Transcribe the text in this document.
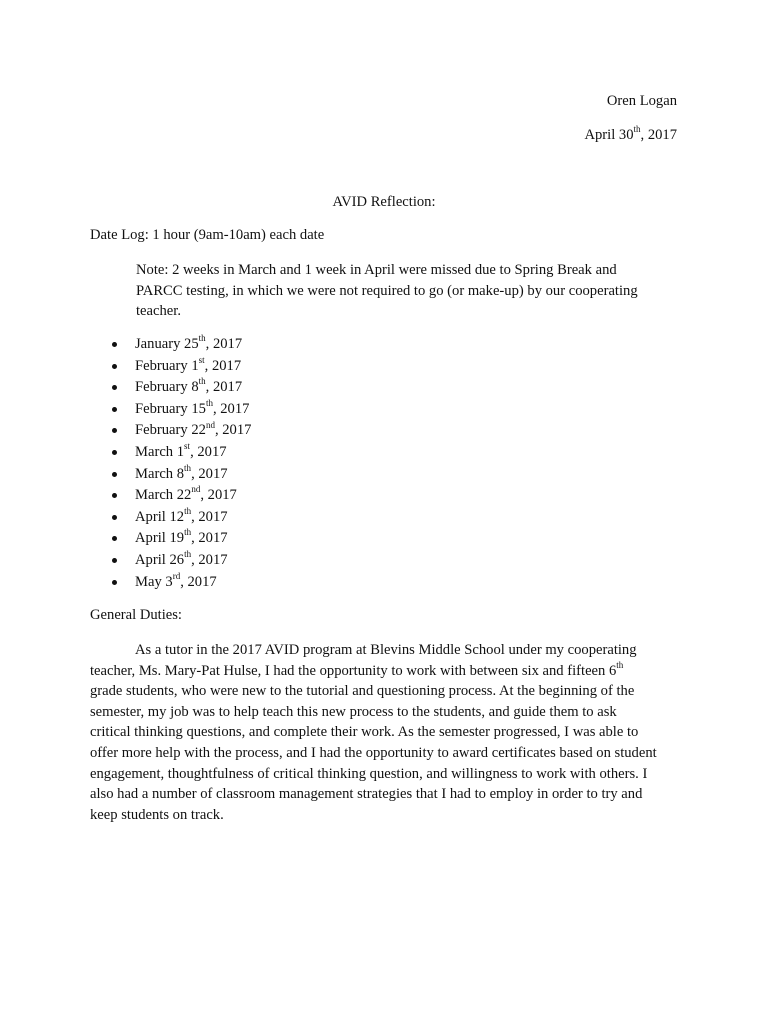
Oren Logan
April 30th, 2017
AVID Reflection:
Date Log: 1 hour (9am-10am) each date
Note: 2 weeks in March and 1 week in April were missed due to Spring Break and
PARCC testing, in which we were not required to go (or make-up) by our cooperating
teacher.
January 25th, 2017
February 1st, 2017
February 8th, 2017
February 15th, 2017
February 22nd, 2017
March 1st, 2017
March 8th, 2017
March 22nd, 2017
April 12th, 2017
April 19th, 2017
April 26th, 2017
May 3rd, 2017
General Duties:
As a tutor in the 2017 AVID program at Blevins Middle School under my cooperating
teacher, Ms. Mary-Pat Hulse, I had the opportunity to work with between six and fifteen 6th
grade students, who were new to the tutorial and questioning process. At the beginning of the
semester, my job was to help teach this new process to the students, and guide them to ask
critical thinking questions, and complete their work. As the semester progressed, I was able to
offer more help with the process, and I had the opportunity to award certificates based on student
engagement, thoughtfulness of critical thinking question, and willingness to work with others. I
also had a number of classroom management strategies that I had to employ in order to try and
keep students on track.
